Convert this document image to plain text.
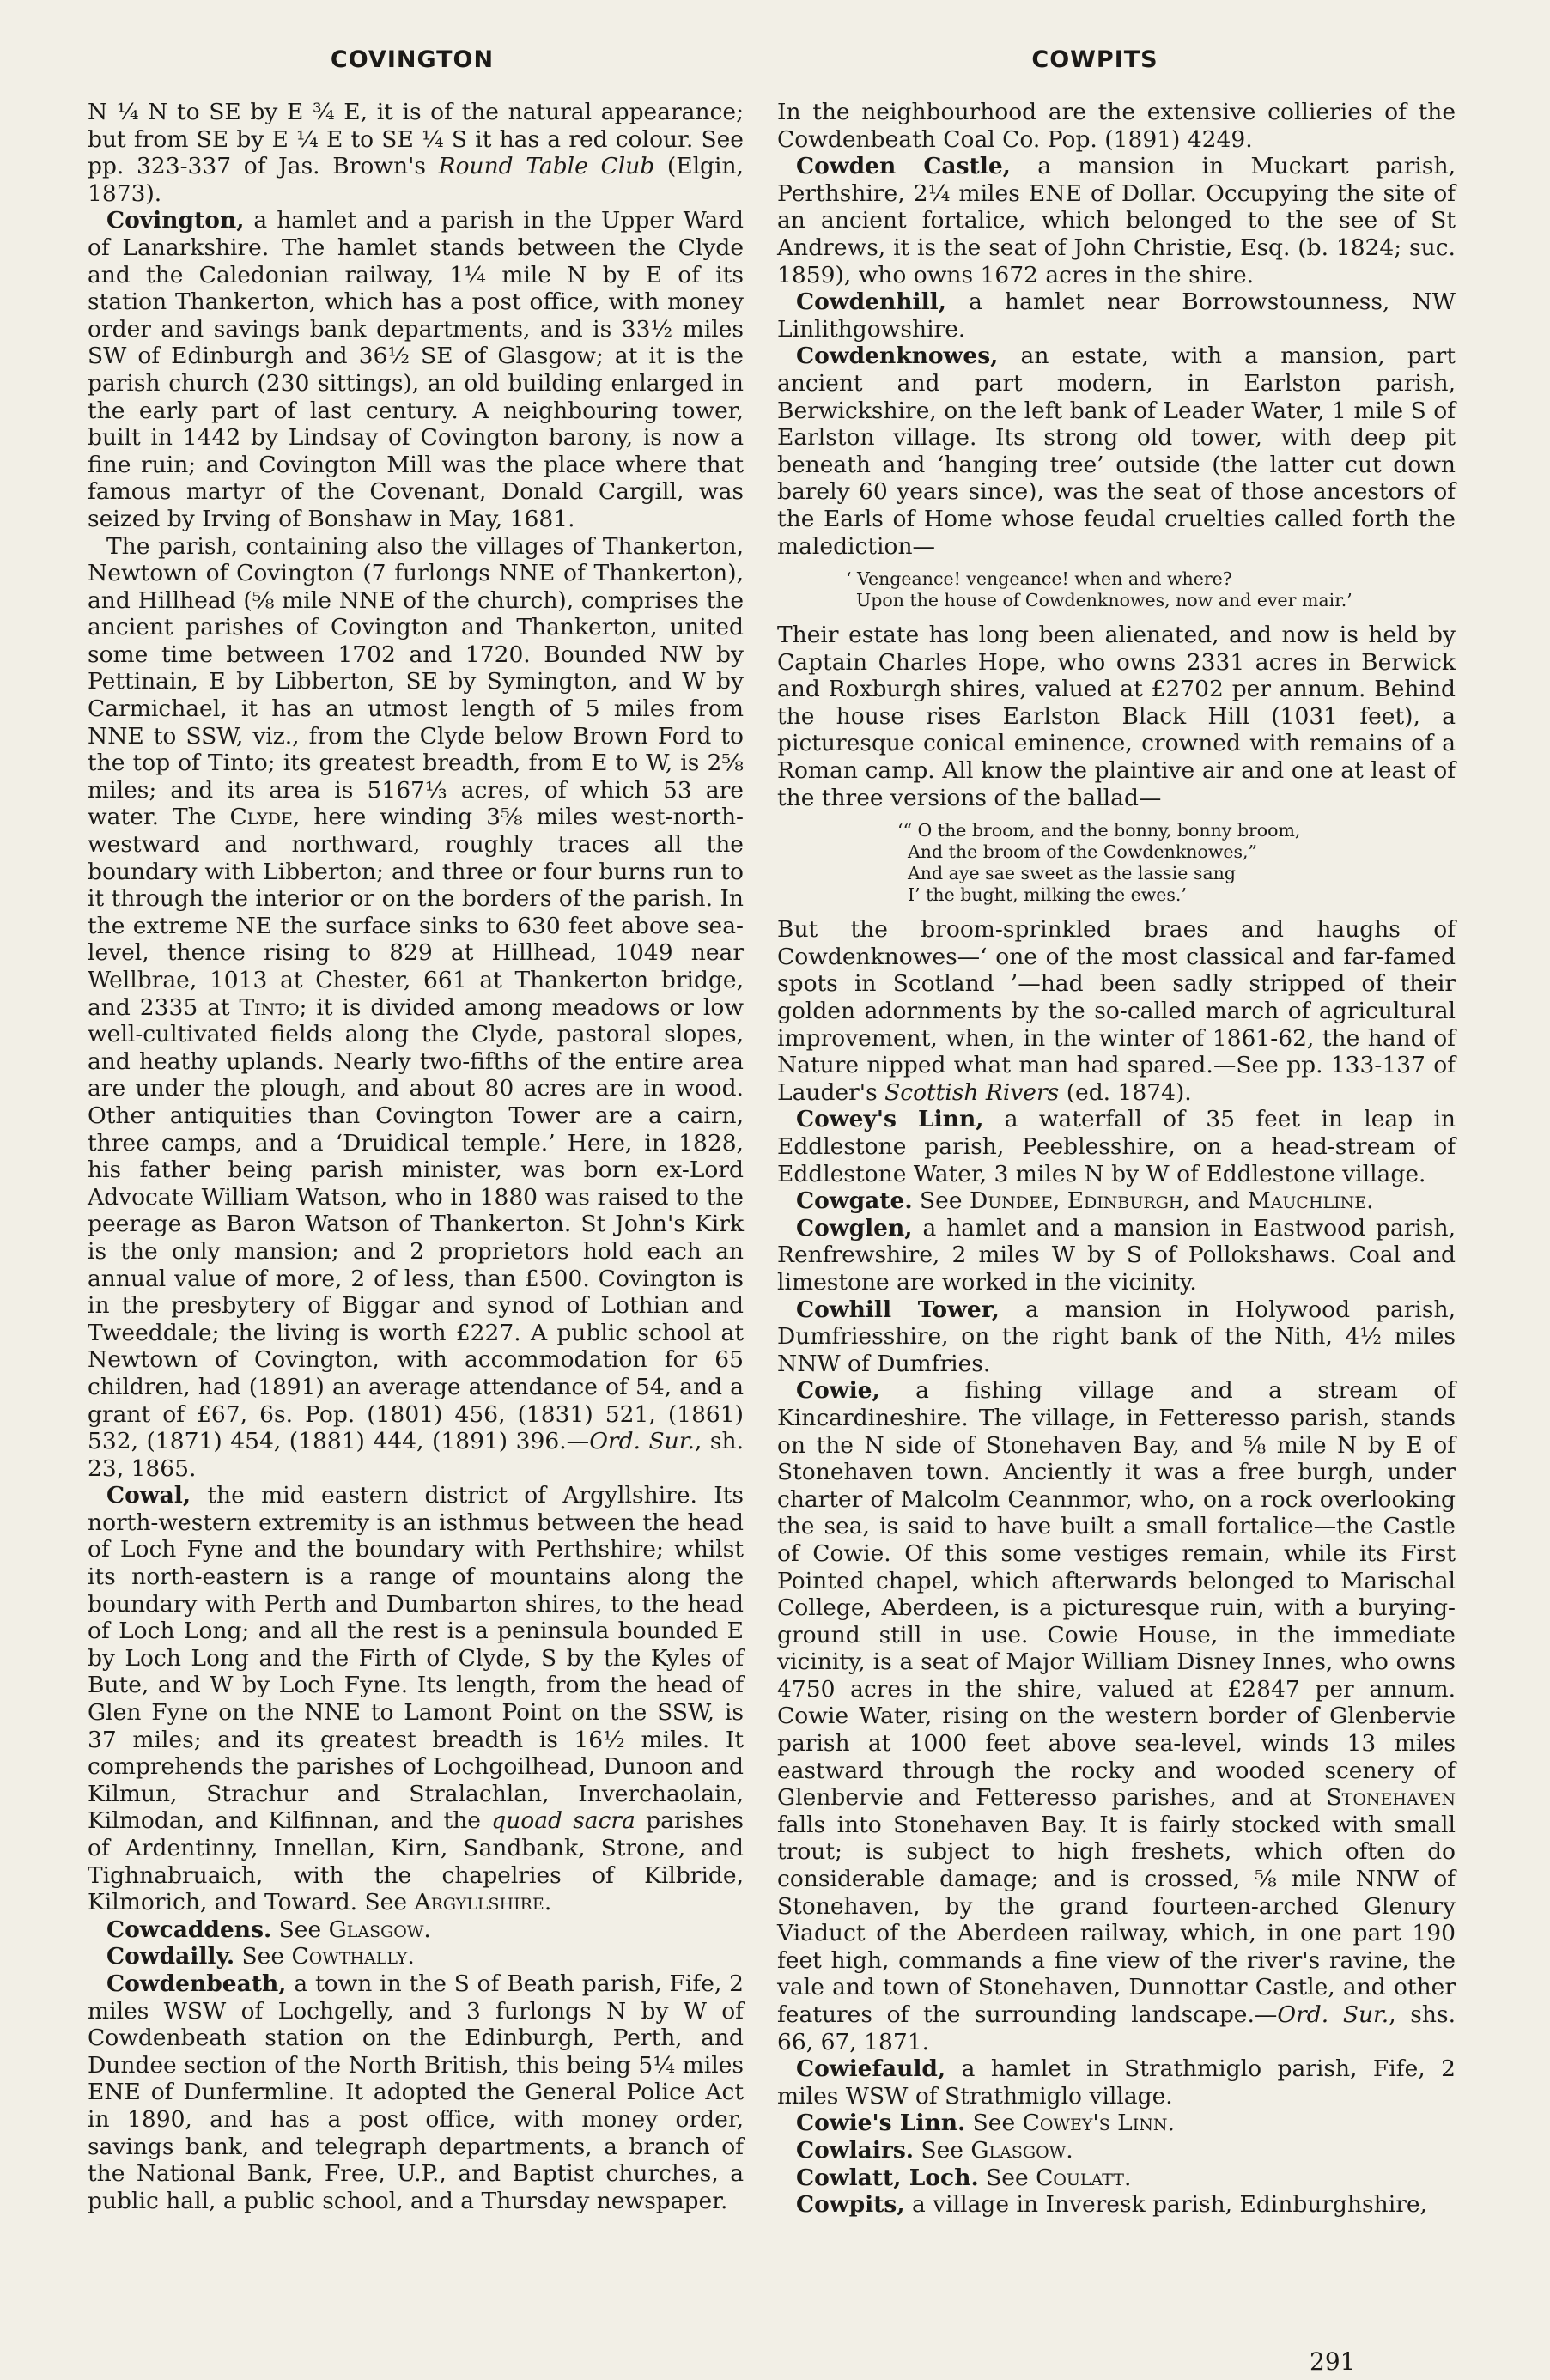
COVINGTON	COWPITS

N ¼ N to SE by E ¾ E, it is of the natural appearance; but from SE by E ¼ E to SE ¼ S it has a red colour. See pp. 323-337 of Jas. Brown's Round Table Club (Elgin, 1873).

Covington, a hamlet and a parish in the Upper Ward of Lanarkshire. The hamlet stands between the Clyde and the Caledonian railway, 1¼ mile N by E of its station Thankerton, which has a post office, with money order and savings bank departments, and is 33½ miles SW of Edinburgh and 36½ SE of Glasgow; at it is the parish church (230 sittings), an old building enlarged in the early part of last century. A neighbouring tower, built in 1442 by Lindsay of Covington barony, is now a fine ruin; and Covington Mill was the place where that famous martyr of the Covenant, Donald Cargill, was seized by Irving of Bonshaw in May, 1681.

The parish, containing also the villages of Thankerton, Newtown of Covington (7 furlongs NNE of Thankerton), and Hillhead (⅝ mile NNE of the church), comprises the ancient parishes of Covington and Thankerton, united some time between 1702 and 1720. Bounded NW by Pettinain, E by Libberton, SE by Symington, and W by Carmichael, it has an utmost length of 5 miles from NNE to SSW, viz., from the Clyde below Brown Ford to the top of Tinto; its greatest breadth, from E to W, is 2⅝ miles; and its area is 5167⅓ acres, of which 53 are water. The Clyde, here winding 3⅝ miles west-north-westward and northward, roughly traces all the boundary with Libberton; and three or four burns run to it through the interior or on the borders of the parish. In the extreme NE the surface sinks to 630 feet above sea-level, thence rising to 829 at Hillhead, 1049 near Wellbrae, 1013 at Chester, 661 at Thankerton bridge, and 2335 at Tinto; it is divided among meadows or low well-cultivated fields along the Clyde, pastoral slopes, and heathy uplands. Nearly two-fifths of the entire area are under the plough, and about 80 acres are in wood. Other antiquities than Covington Tower are a cairn, three camps, and a ‘Druidical temple.’ Here, in 1828, his father being parish minister, was born ex-Lord Advocate William Watson, who in 1880 was raised to the peerage as Baron Watson of Thankerton. St John's Kirk is the only mansion; and 2 proprietors hold each an annual value of more, 2 of less, than £500. Covington is in the presbytery of Biggar and synod of Lothian and Tweeddale; the living is worth £227. A public school at Newtown of Covington, with accommodation for 65 children, had (1891) an average attendance of 54, and a grant of £67, 6s. Pop. (1801) 456, (1831) 521, (1861) 532, (1871) 454, (1881) 444, (1891) 396.—Ord. Sur., sh. 23, 1865.

Cowal, the mid eastern district of Argyllshire. Its north-western extremity is an isthmus between the head of Loch Fyne and the boundary with Perthshire; whilst its north-eastern is a range of mountains along the boundary with Perth and Dumbarton shires, to the head of Loch Long; and all the rest is a peninsula bounded E by Loch Long and the Firth of Clyde, S by the Kyles of Bute, and W by Loch Fyne. Its length, from the head of Glen Fyne on the NNE to Lamont Point on the SSW, is 37 miles; and its greatest breadth is 16½ miles. It comprehends the parishes of Lochgoilhead, Dunoon and Kilmun, Strachur and Stralachlan, Inverchaolain, Kilmodan, and Kilfinnan, and the quoad sacra parishes of Ardentinny, Innellan, Kirn, Sandbank, Strone, and Tighnabruaich, with the chapelries of Kilbride, Kilmorich, and Toward. See Argyllshire.

Cowcaddens. See Glasgow.

Cowdailly. See Cowthally.

Cowdenbeath, a town in the S of Beath parish, Fife, 2 miles WSW of Lochgelly, and 3 furlongs N by W of Cowdenbeath station on the Edinburgh, Perth, and Dundee section of the North British, this being 5¼ miles ENE of Dunfermline. It adopted the General Police Act in 1890, and has a post office, with money order, savings bank, and telegraph departments, a branch of the National Bank, Free, U.P., and Baptist churches, a public hall, a public school, and a Thursday newspaper.

In the neighbourhood are the extensive collieries of the Cowdenbeath Coal Co. Pop. (1891) 4249.

Cowden Castle, a mansion in Muckart parish, Perthshire, 2¼ miles ENE of Dollar. Occupying the site of an ancient fortalice, which belonged to the see of St Andrews, it is the seat of John Christie, Esq. (b. 1824; suc. 1859), who owns 1672 acres in the shire.

Cowdenhill, a hamlet near Borrowstounness, NW Linlithgowshire.

Cowdenknowes, an estate, with a mansion, part ancient and part modern, in Earlston parish, Berwickshire, on the left bank of Leader Water, 1 mile S of Earlston village. Its strong old tower, with deep pit beneath and ‘hanging tree’ outside (the latter cut down barely 60 years since), was the seat of those ancestors of the Earls of Home whose feudal cruelties called forth the malediction—

‘ Vengeance! vengeance! when and where?
Upon the house of Cowdenknowes, now and ever mair.’

Their estate has long been alienated, and now is held by Captain Charles Hope, who owns 2331 acres in Berwick and Roxburgh shires, valued at £2702 per annum. Behind the house rises Earlston Black Hill (1031 feet), a picturesque conical eminence, crowned with remains of a Roman camp. All know the plaintive air and one at least of the three versions of the ballad—

‘“ O the broom, and the bonny, bonny broom,
And the broom of the Cowdenknowes,”
And aye sae sweet as the lassie sang
I’ the bught, milking the ewes.’

But the broom-sprinkled braes and haughs of Cowdenknowes—‘ one of the most classical and far-famed spots in Scotland ’—had been sadly stripped of their golden adornments by the so-called march of agricultural improvement, when, in the winter of 1861-62, the hand of Nature nipped what man had spared.—See pp. 133-137 of Lauder's Scottish Rivers (ed. 1874).

Cowey's Linn, a waterfall of 35 feet in leap in Eddlestone parish, Peeblesshire, on a head-stream of Eddlestone Water, 3 miles N by W of Eddlestone village.

Cowgate. See Dundee, Edinburgh, and Mauchline.

Cowglen, a hamlet and a mansion in Eastwood parish, Renfrewshire, 2 miles W by S of Pollokshaws. Coal and limestone are worked in the vicinity.

Cowhill Tower, a mansion in Holywood parish, Dumfriesshire, on the right bank of the Nith, 4½ miles NNW of Dumfries.

Cowie, a fishing village and a stream of Kincardineshire. The village, in Fetteresso parish, stands on the N side of Stonehaven Bay, and ⅝ mile N by E of Stonehaven town. Anciently it was a free burgh, under charter of Malcolm Ceannmor, who, on a rock overlooking the sea, is said to have built a small fortalice—the Castle of Cowie. Of this some vestiges remain, while its First Pointed chapel, which afterwards belonged to Marischal College, Aberdeen, is a picturesque ruin, with a burying-ground still in use. Cowie House, in the immediate vicinity, is a seat of Major William Disney Innes, who owns 4750 acres in the shire, valued at £2847 per annum. Cowie Water, rising on the western border of Glenbervie parish at 1000 feet above sea-level, winds 13 miles eastward through the rocky and wooded scenery of Glenbervie and Fetteresso parishes, and at Stonehaven falls into Stonehaven Bay. It is fairly stocked with small trout; is subject to high freshets, which often do considerable damage; and is crossed, ⅝ mile NNW of Stonehaven, by the grand fourteen-arched Glenury Viaduct of the Aberdeen railway, which, in one part 190 feet high, commands a fine view of the river's ravine, the vale and town of Stonehaven, Dunnottar Castle, and other features of the surrounding landscape.—Ord. Sur., shs. 66, 67, 1871.

Cowiefauld, a hamlet in Strathmiglo parish, Fife, 2 miles WSW of Strathmiglo village.

Cowie's Linn. See Cowey's Linn.

Cowlairs. See Glasgow.

Cowlatt, Loch. See Coulatt.

Cowpits, a village in Inveresk parish, Edinburghshire,

291
